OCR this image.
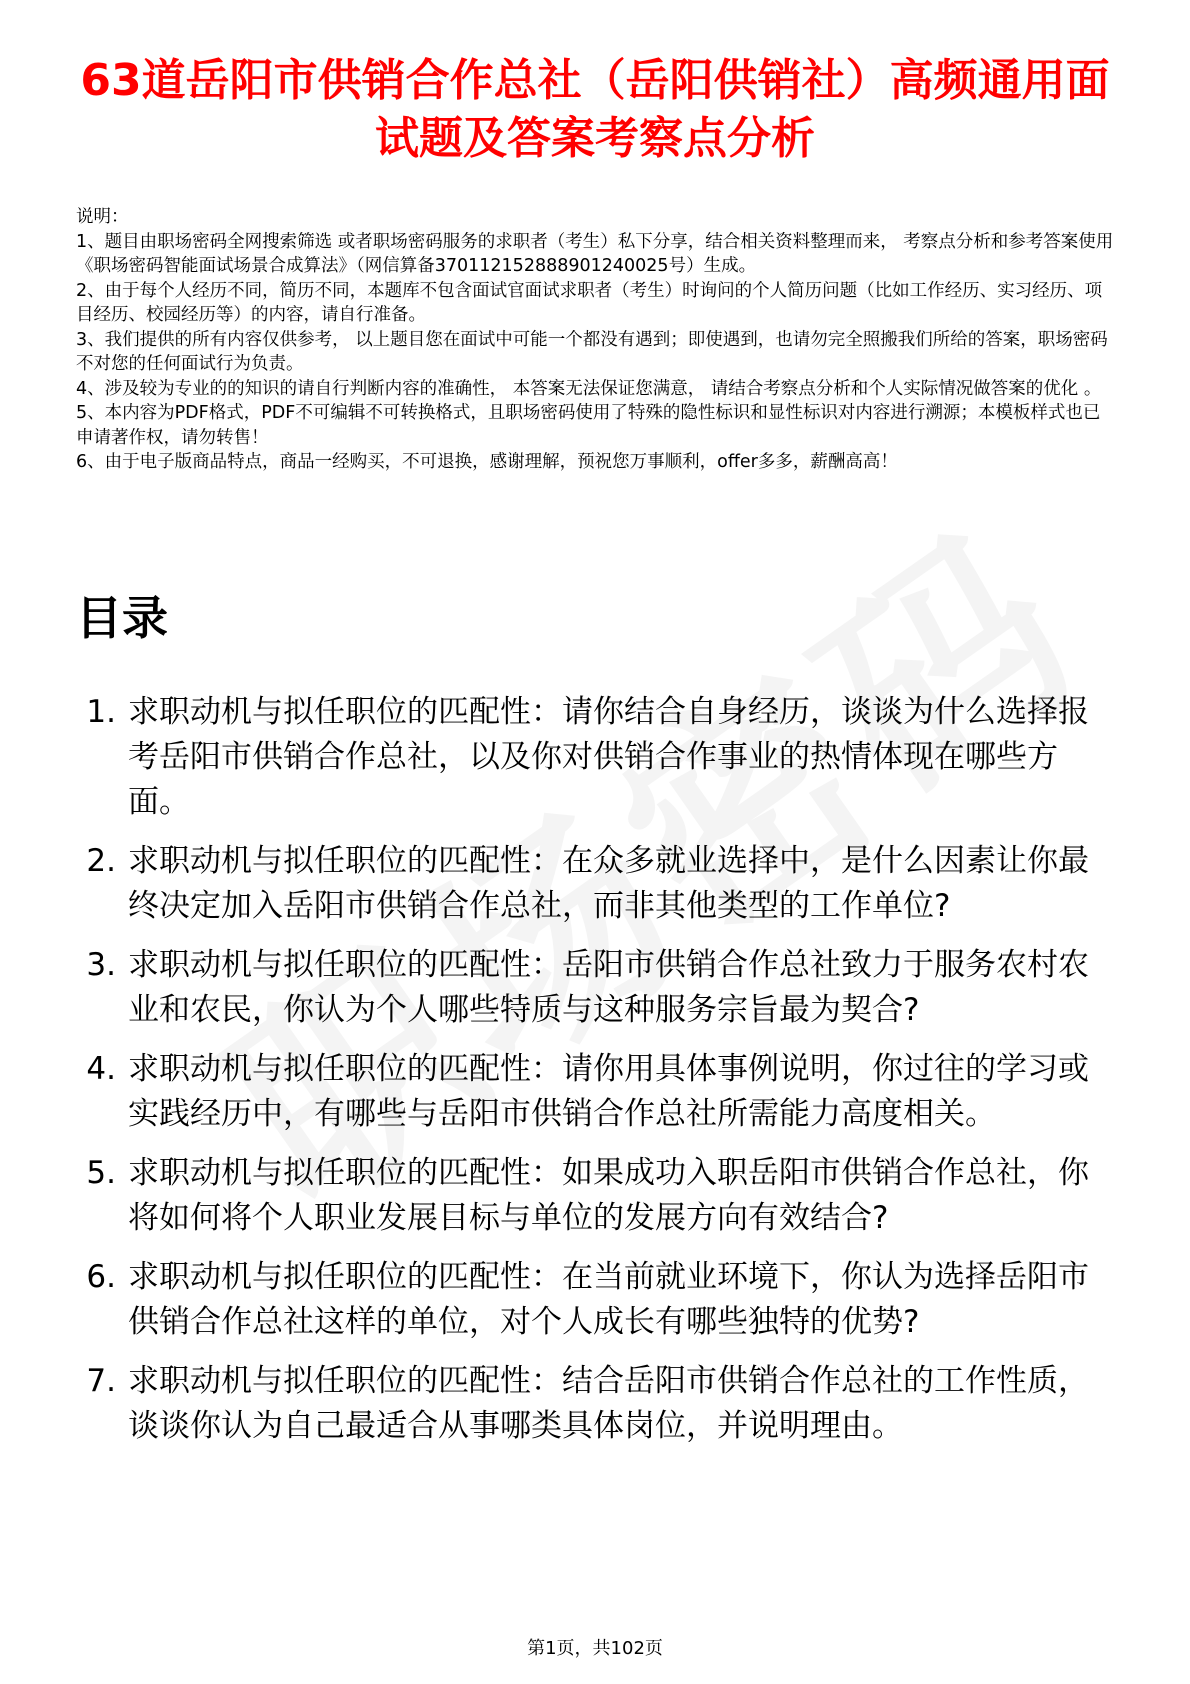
63道岳阳市供销合作总社（岳阳供销社）高频通用面试题及答案考察点分析
说明：
1、题目由职场密码全网搜索筛选 或者职场密码服务的求职者（考生）私下分享，结合相关资料整理而来， 考察点分析和参考答案使用《职场密码智能面试场景合成算法》（网信算备370112152888901240025号）生成。
2、由于每个人经历不同，简历不同，本题库不包含面试官面试求职者（考生）时询问的个人简历问题（比如工作经历、实习经历、项目经历、校园经历等）的内容，请自行准备。
3、我们提供的所有内容仅供参考， 以上题目您在面试中可能一个都没有遇到；即使遇到，也请勿完全照搬我们所给的答案，职场密码不对您的任何面试行为负责。
4、涉及较为专业的的知识的请自行判断内容的准确性， 本答案无法保证您满意， 请结合考察点分析和个人实际情况做答案的优化 。
5、本内容为PDF格式，PDF不可编辑不可转换格式，且职场密码使用了特殊的隐性标识和显性标识对内容进行溯源；本模板样式也已申请著作权，请勿转售！
6、由于电子版商品特点，商品一经购买，不可退换，感谢理解，预祝您万事顺利，offer多多，薪酬高高！
目录
1. 求职动机与拟任职位的匹配性：请你结合自身经历，谈谈为什么选择报考岳阳市供销合作总社，以及你对供销合作事业的热情体现在哪些方面。
2. 求职动机与拟任职位的匹配性：在众多就业选择中，是什么因素让你最终决定加入岳阳市供销合作总社，而非其他类型的工作单位?
3. 求职动机与拟任职位的匹配性：岳阳市供销合作总社致力于服务农村农业和农民，你认为个人哪些特质与这种服务宗旨最为契合?
4. 求职动机与拟任职位的匹配性：请你用具体事例说明，你过往的学习或实践经历中，有哪些与岳阳市供销合作总社所需能力高度相关。
5. 求职动机与拟任职位的匹配性：如果成功入职岳阳市供销合作总社，你将如何将个人职业发展目标与单位的发展方向有效结合?
6. 求职动机与拟任职位的匹配性：在当前就业环境下，你认为选择岳阳市供销合作总社这样的单位，对个人成长有哪些独特的优势?
7. 求职动机与拟任职位的匹配性：结合岳阳市供销合作总社的工作性质，谈谈你认为自己最适合从事哪类具体岗位，并说明理由。
第1页，共102页
